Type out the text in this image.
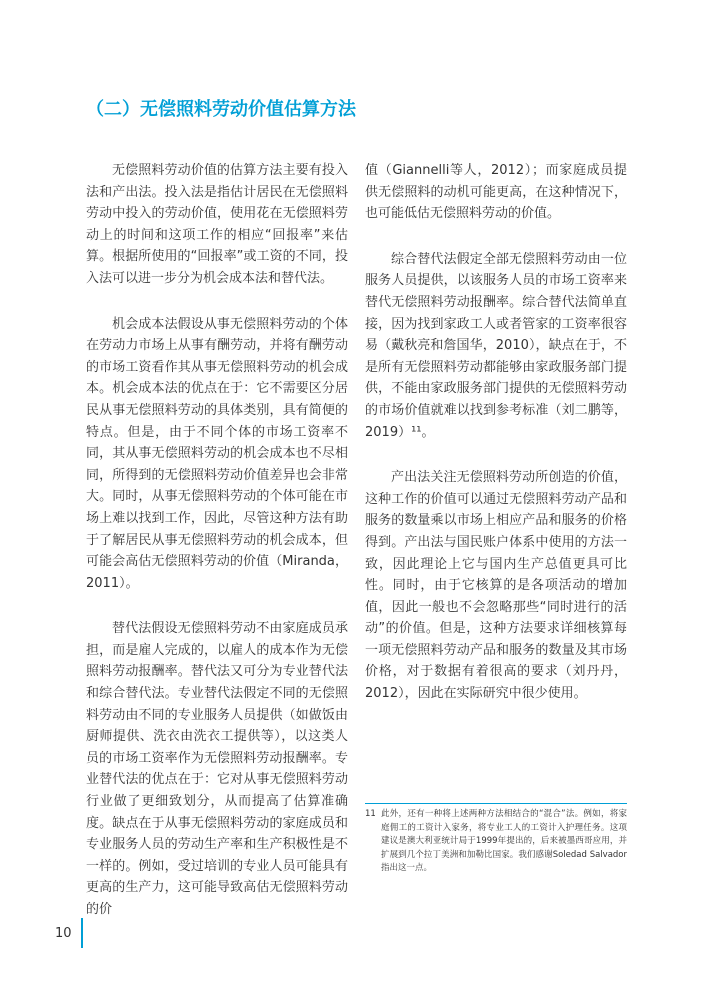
（二）无偿照料劳动价值估算方法

无偿照料劳动价值的估算方法主要有投入法和产出法。投入法是指估计居民在无偿照料劳动中投入的劳动价值，使用花在无偿照料劳动上的时间和这项工作的相应“回报率”来估算。根据所使用的“回报率”或工资的不同，投入法可以进一步分为机会成本法和替代法。

机会成本法假设从事无偿照料劳动的个体在劳动力市场上从事有酬劳动，并将有酬劳动的市场工资看作其从事无偿照料劳动的机会成本。机会成本法的优点在于：它不需要区分居民从事无偿照料劳动的具体类别，具有简便的特点。但是，由于不同个体的市场工资率不同，其从事无偿照料劳动的机会成本也不尽相同，所得到的无偿照料劳动价值差异也会非常大。同时，从事无偿照料劳动的个体可能在市场上难以找到工作，因此，尽管这种方法有助于了解居民从事无偿照料劳动的机会成本，但可能会高估无偿照料劳动的价值（Miranda，2011）。

替代法假设无偿照料劳动不由家庭成员承担，而是雇人完成的，以雇人的成本作为无偿照料劳动报酬率。替代法又可分为专业替代法和综合替代法。专业替代法假定不同的无偿照料劳动由不同的专业服务人员提供（如做饭由厨师提供、洗衣由洗衣工提供等），以这类人员的市场工资率作为无偿照料劳动报酬率。专业替代法的优点在于：它对从事无偿照料劳动行业做了更细致划分，从而提高了估算准确度。缺点在于从事无偿照料劳动的家庭成员和专业服务人员的劳动生产率和生产积极性是不一样的。例如，受过培训的专业人员可能具有更高的生产力，这可能导致高估无偿照料劳动的价

值（Giannelli等人，2012）；而家庭成员提供无偿照料的动机可能更高，在这种情况下，也可能低估无偿照料劳动的价值。

综合替代法假定全部无偿照料劳动由一位服务人员提供，以该服务人员的市场工资率来替代无偿照料劳动报酬率。综合替代法简单直接，因为找到家政工人或者管家的工资率很容易（戴秋亮和詹国华，2010），缺点在于，不是所有无偿照料劳动都能够由家政服务部门提供，不能由家政服务部门提供的无偿照料劳动的市场价值就难以找到参考标准（刘二鹏等，2019）¹¹。

产出法关注无偿照料劳动所创造的价值，这种工作的价值可以通过无偿照料劳动产品和服务的数量乘以市场上相应产品和服务的价格得到。产出法与国民账户体系中使用的方法一致，因此理论上它与国内生产总值更具可比性。同时，由于它核算的是各项活动的增加值，因此一般也不会忽略那些“同时进行的活动”的价值。但是，这种方法要求详细核算每一项无偿照料劳动产品和服务的数量及其市场价格，对于数据有着很高的要求（刘丹丹，2012），因此在实际研究中很少使用。

11 此外，还有一种将上述两种方法相结合的“混合”法。例如，将家庭佣工的工资计入家务，将专业工人的工资计入护理任务。这项建议是澳大利亚统计局于1999年提出的，后来被墨西哥应用，并扩展到几个拉丁美洲和加勒比国家。我们感谢Soledad Salvador指出这一点。
10
